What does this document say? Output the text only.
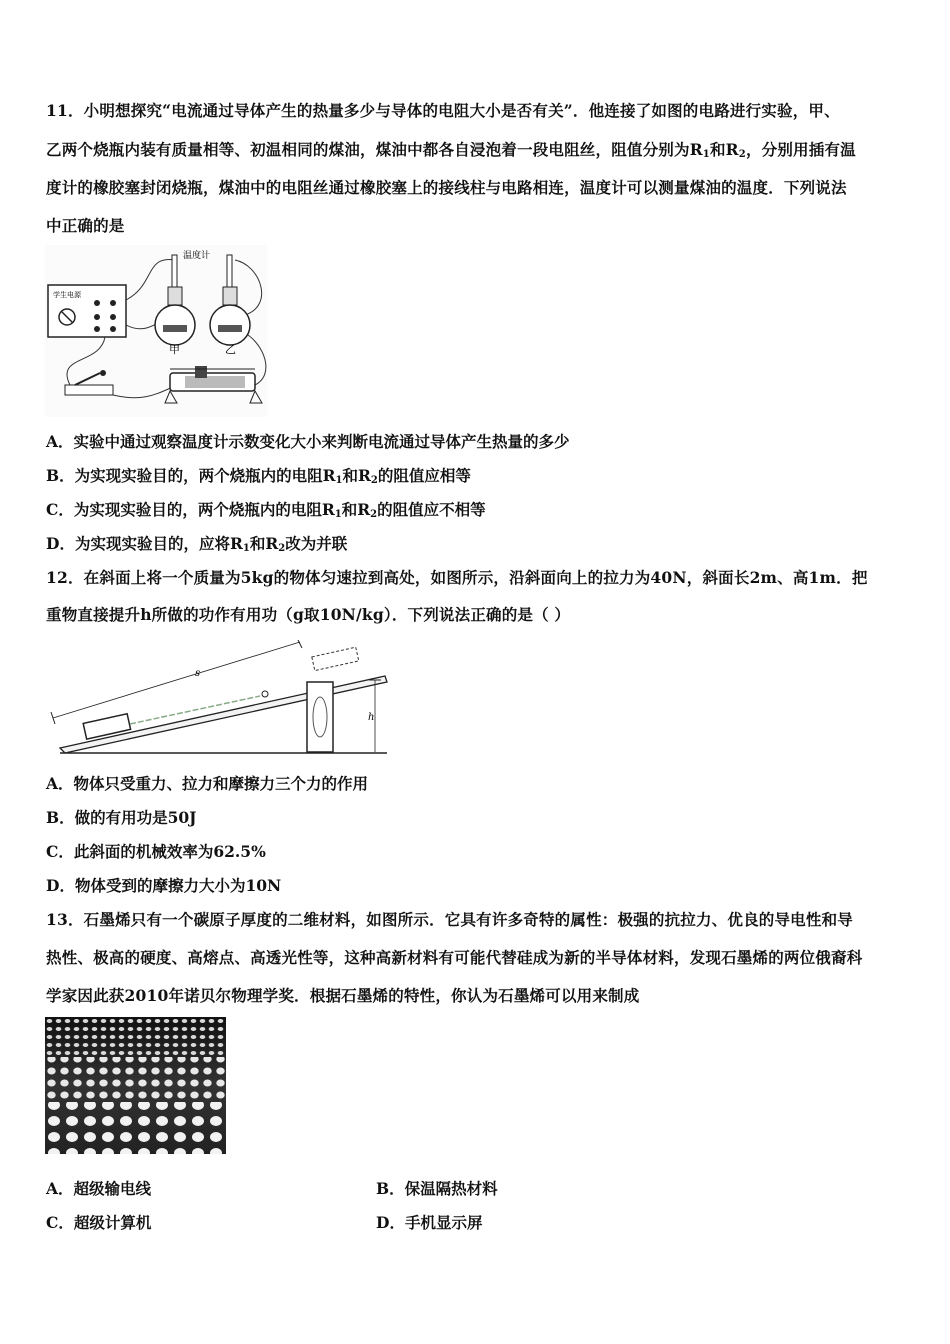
11．小明想探究“电流通过导体产生的热量多少与导体的电阻大小是否有关”．他连接了如图的电路进行实验，甲、
乙两个烧瓶内装有质量相等、初温相同的煤油，煤油中都各自浸泡着一段电阻丝，阻值分别为$R_1$和$R_2$，分别用插有温
度计的橡胶塞封闭烧瓶，煤油中的电阻丝通过橡胶塞上的接线柱与电路相连，温度计可以测量煤油的温度．下列说法
中正确的是
学生电源
温度计
甲	乙
A．实验中通过观察温度计示数变化大小来判断电流通过导体产生热量的多少
B．为实现实验目的，两个烧瓶内的电阻$R_1$和$R_2$的阻值应相等
C．为实现实验目的，两个烧瓶内的电阻$R_1$和$R_2$的阻值应不相等
D．为实现实验目的，应将$R_1$和$R_2$改为并联
12．在斜面上将一个质量为5kg的物体匀速拉到高处，如图所示，沿斜面向上的拉力为40N，斜面长2m、高1m．把
重物直接提升h所做的功作有用功（g取10N/kg）．下列说法正确的是（ ）
s
h
A．物体只受重力、拉力和摩擦力三个力的作用
B．做的有用功是50J
C．此斜面的机械效率为62.5%
D．物体受到的摩擦力大小为10N
13．石墨烯只有一个碳原子厚度的二维材料，如图所示．它具有许多奇特的属性：极强的抗拉力、优良的导电性和导
热性、极高的硬度、高熔点、高透光性等，这种高新材料有可能代替硅成为新的半导体材料，发现石墨烯的两位俄裔科
学家因此获2010年诺贝尔物理学奖．根据石墨烯的特性，你认为石墨烯可以用来制成
A．超级输电线	B．保温隔热材料
C．超级计算机	D．手机显示屏
